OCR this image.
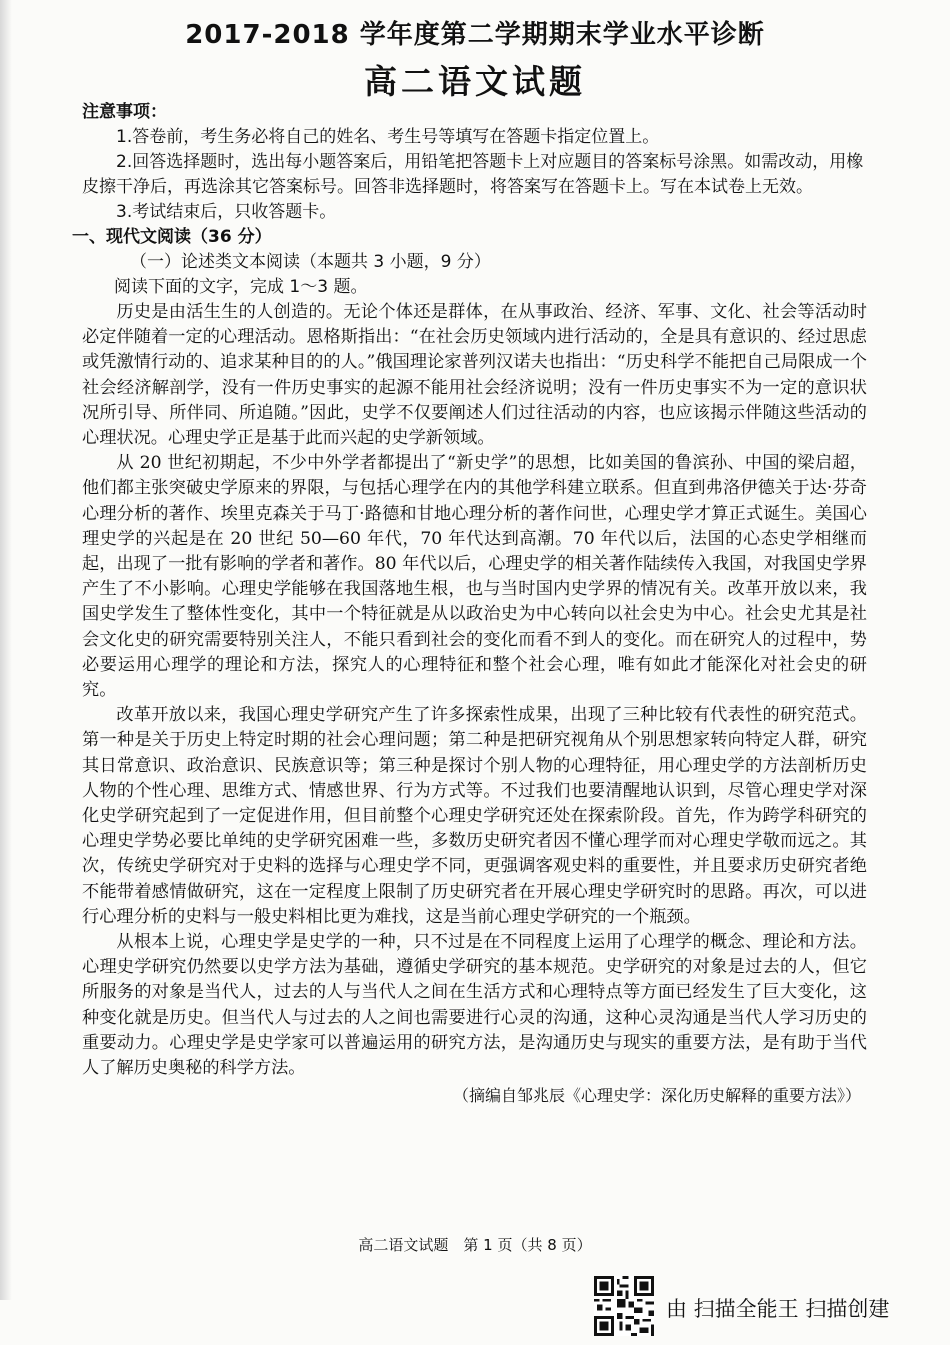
2017-2018 学年度第二学期期末学业水平诊断
高二语文试题

注意事项：

1.答卷前，考生务必将自己的姓名、考生号等填写在答题卡指定位置上。

2.回答选择题时，选出每小题答案后，用铅笔把答题卡上对应题目的答案标号涂黑。如需改动，用橡皮擦干净后，再选涂其它答案标号。回答非选择题时，将答案写在答题卡上。写在本试卷上无效。

3.考试结束后，只收答题卡。

一、现代文阅读（36 分）

（一）论述类文本阅读（本题共 3 小题，9 分）

阅读下面的文字，完成 1～3 题。

历史是由活生生的人创造的。无论个体还是群体，在从事政治、经济、军事、文化、社会等活动时必定伴随着一定的心理活动。恩格斯指出：“在社会历史领域内进行活动的，全是具有意识的、经过思虑或凭激情行动的、追求某种目的的人。”俄国理论家普列汉诺夫也指出：“历史科学不能把自己局限成一个社会经济解剖学，没有一件历史事实的起源不能用社会经济说明；没有一件历史事实不为一定的意识状况所引导、所伴同、所追随。”因此，史学不仅要阐述人们过往活动的内容，也应该揭示伴随这些活动的心理状况。心理史学正是基于此而兴起的史学新领域。

从 20 世纪初期起，不少中外学者都提出了“新史学”的思想，比如美国的鲁滨孙、中国的梁启超，他们都主张突破史学原来的界限，与包括心理学在内的其他学科建立联系。但直到弗洛伊德关于达·芬奇心理分析的著作、埃里克森关于马丁·路德和甘地心理分析的著作问世，心理史学才算正式诞生。美国心理史学的兴起是在 20 世纪 50—60 年代，70 年代达到高潮。70 年代以后，法国的心态史学相继而起，出现了一批有影响的学者和著作。80 年代以后，心理史学的相关著作陆续传入我国，对我国史学界产生了不小影响。心理史学能够在我国落地生根，也与当时国内史学界的情况有关。改革开放以来，我国史学发生了整体性变化，其中一个特征就是从以政治史为中心转向以社会史为中心。社会史尤其是社会文化史的研究需要特别关注人，不能只看到社会的变化而看不到人的变化。而在研究人的过程中，势必要运用心理学的理论和方法，探究人的心理特征和整个社会心理，唯有如此才能深化对社会史的研究。

改革开放以来，我国心理史学研究产生了许多探索性成果，出现了三种比较有代表性的研究范式。第一种是关于历史上特定时期的社会心理问题；第二种是把研究视角从个别思想家转向特定人群，研究其日常意识、政治意识、民族意识等；第三种是探讨个别人物的心理特征，用心理史学的方法剖析历史人物的个性心理、思维方式、情感世界、行为方式等。不过我们也要清醒地认识到，尽管心理史学对深化史学研究起到了一定促进作用，但目前整个心理史学研究还处在探索阶段。首先，作为跨学科研究的心理史学势必要比单纯的史学研究困难一些，多数历史研究者因不懂心理学而对心理史学敬而远之。其次，传统史学研究对于史料的选择与心理史学不同，更强调客观史料的重要性，并且要求历史研究者绝不能带着感情做研究，这在一定程度上限制了历史研究者在开展心理史学研究时的思路。再次，可以进行心理分析的史料与一般史料相比更为难找，这是当前心理史学研究的一个瓶颈。

从根本上说，心理史学是史学的一种，只不过是在不同程度上运用了心理学的概念、理论和方法。心理史学研究仍然要以史学方法为基础，遵循史学研究的基本规范。史学研究的对象是过去的人，但它所服务的对象是当代人，过去的人与当代人之间在生活方式和心理特点等方面已经发生了巨大变化，这种变化就是历史。但当代人与过去的人之间也需要进行心灵的沟通，这种心灵沟通是当代人学习历史的重要动力。心理史学是史学家可以普遍运用的研究方法，是沟通历史与现实的重要方法，是有助于当代人了解历史奥秘的科学方法。

（摘编自邹兆辰《心理史学：深化历史解释的重要方法》）

高二语文试题　第 1 页（共 8 页）
由 扫描全能王 扫描创建
